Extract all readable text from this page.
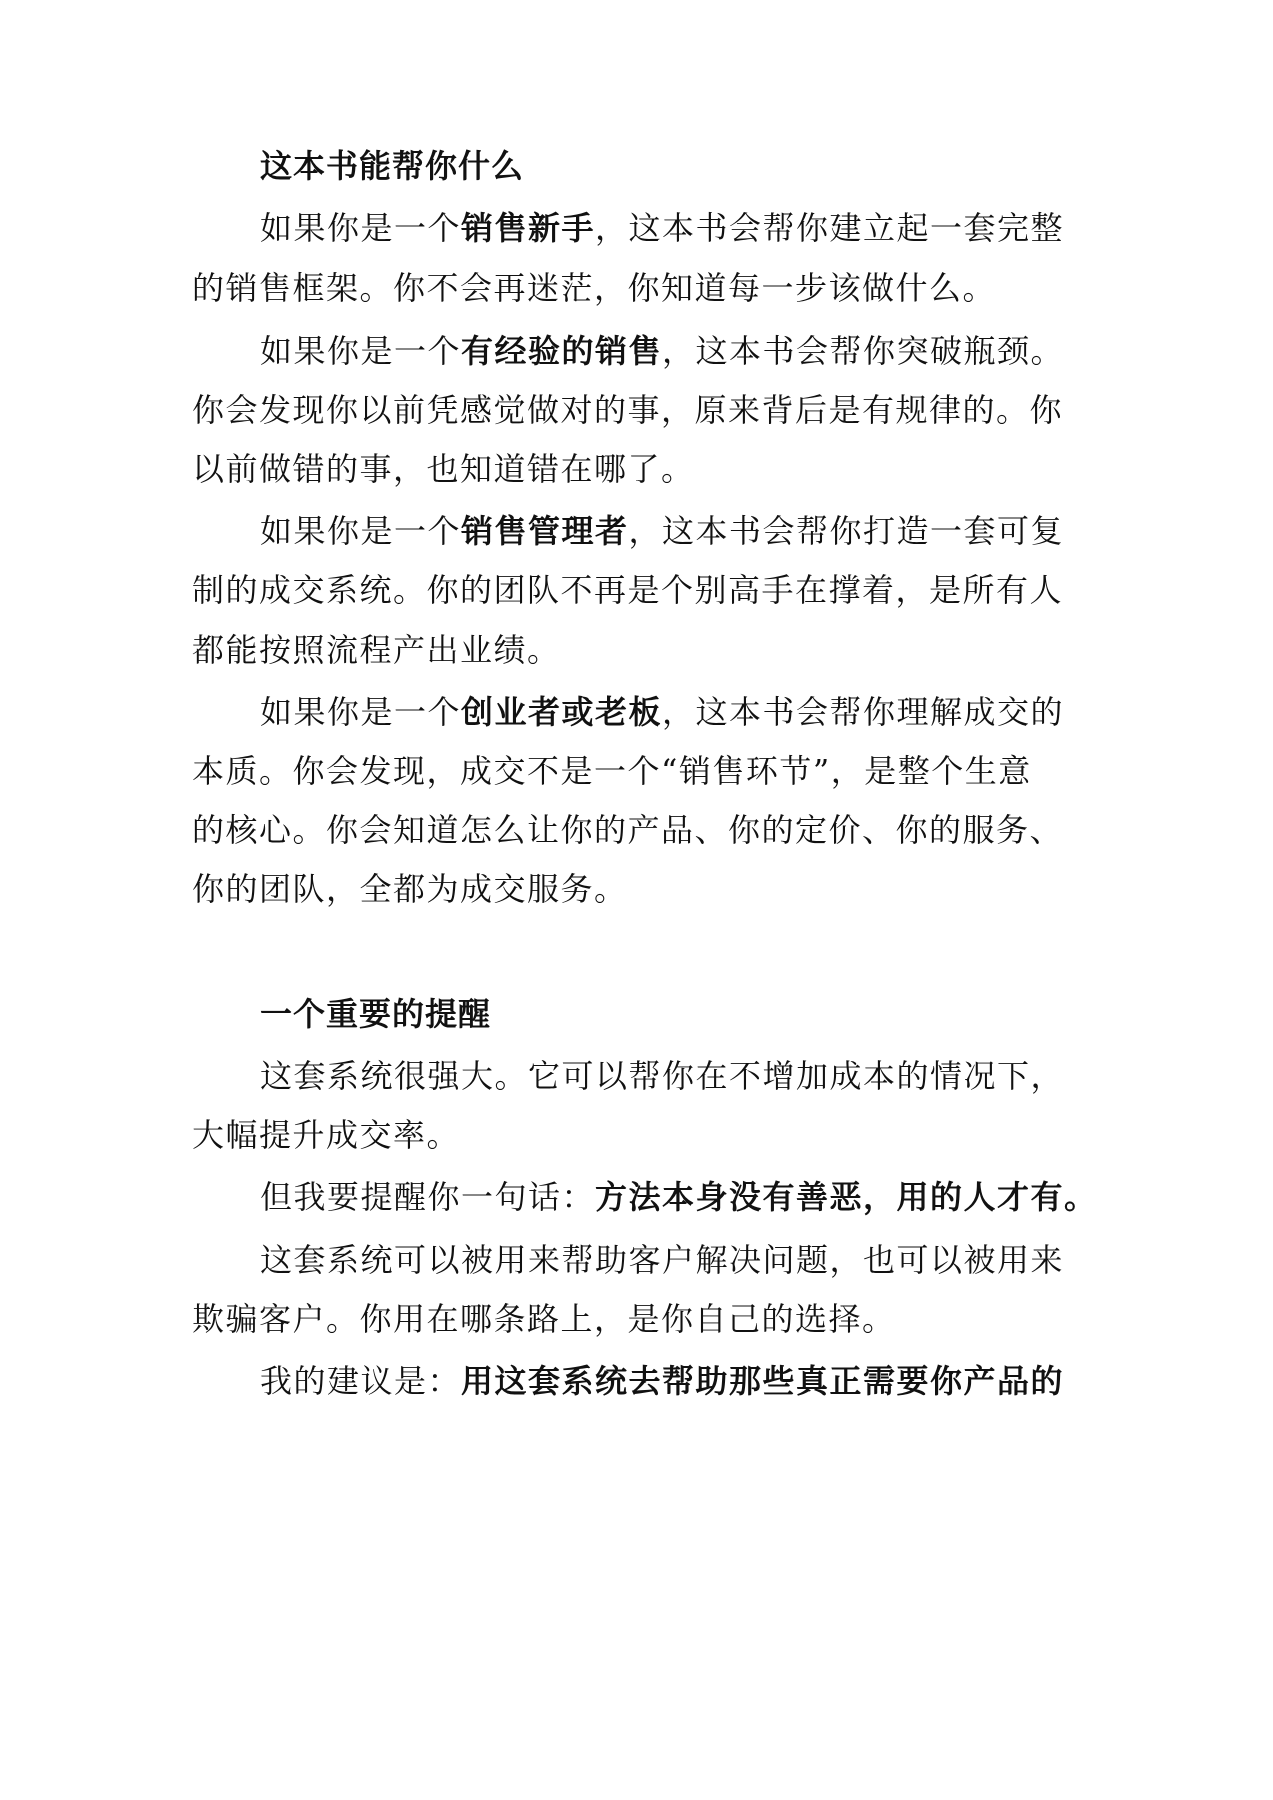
这本书能帮你什么
如果你是一个销售新手，这本书会帮你建立起一套完整
的销售框架。你不会再迷茫，你知道每一步该做什么。
如果你是一个有经验的销售，这本书会帮你突破瓶颈。
你会发现你以前凭感觉做对的事，原来背后是有规律的。你
以前做错的事，也知道错在哪了。
如果你是一个销售管理者，这本书会帮你打造一套可复
制的成交系统。你的团队不再是个别高手在撑着，是所有人
都能按照流程产出业绩。
如果你是一个创业者或老板，这本书会帮你理解成交的
本质。你会发现，成交不是一个“销售环节”，是整个生意
的核心。你会知道怎么让你的产品、你的定价、你的服务、
你的团队，全都为成交服务。
一个重要的提醒
这套系统很强大。它可以帮你在不增加成本的情况下，
大幅提升成交率。
但我要提醒你一句话：方法本身没有善恶，用的人才有。
这套系统可以被用来帮助客户解决问题，也可以被用来
欺骗客户。你用在哪条路上，是你自己的选择。
我的建议是：用这套系统去帮助那些真正需要你产品的
